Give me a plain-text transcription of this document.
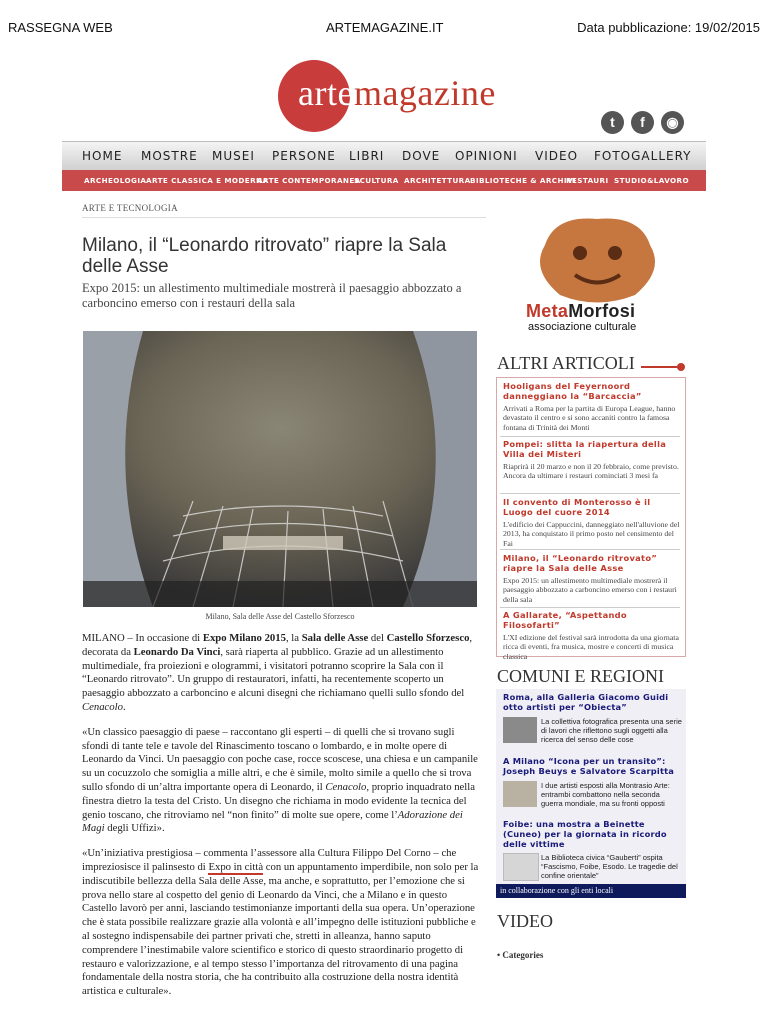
RASSEGNA WEB	ARTEMAGAZINE.IT	Data pubblicazione: 19/02/2015
artemagazine
t	f	◉
HOME MOSTRE MUSEI PERSONE LIBRI DOVE OPINIONI VIDEO FOTOGALLERY
ARCHEOLOGIA ARTE CLASSICA E MODERNA
ARTE CONTEMPORANEA
SCULTURA ARCHITETTURA BIBLIOTECHE & ARCHIVI
RESTAURI STUDIO&LAVORO
ARTE E TECNOLOGIA
Milano, il “Leonardo ritrovato” riapre la Sala delle Asse

Expo 2015: un allestimento multimediale mostrerà il paesaggio abbozzato a carboncino emerso con i restauri della sala

Milano, Sala delle Asse del Castello Sforzesco

MILANO – In occasione di Expo Milano 2015, la Sala delle Asse del Castello Sforzesco, decorata da Leonardo Da Vinci, sarà riaperta al pubblico. Grazie ad un allestimento multimediale, fra proiezioni e ologrammi, i visitatori potranno scoprire la Sala con il “Leonardo ritrovato”. Un gruppo di restauratori, infatti, ha recentemente scoperto un paesaggio abbozzato a carboncino e alcuni disegni che richiamano quelli sullo sfondo del Cenacolo.

«Un classico paesaggio di paese – raccontano gli esperti – di quelli che si trovano sugli sfondi di tante tele e tavole del Rinascimento toscano o lombardo, e in molte opere di Leonardo da Vinci. Un paesaggio con poche case, rocce scoscese, una chiesa e un campanile su un cocuzzolo che somiglia a mille altri, e che è simile, molto simile a quello che si trova sullo sfondo di un’altra importante opera di Leonardo, il Cenacolo, proprio inquadrato nella finestra dietro la testa del Cristo. Un disegno che richiama in modo evidente la tecnica del genio toscano, che ritroviamo nel “non finito” di molte sue opere, come l’Adorazione dei Magi degli Uffizi».

«Un’iniziativa prestigiosa – commenta l’assessore alla Cultura Filippo Del Corno – che impreziosisce il palinsesto di Expo in città con un appuntamento imperdibile, non solo per la indiscutibile bellezza della Sala delle Asse, ma anche, e soprattutto, per l’emozione che si prova nello stare al cospetto del genio di Leonardo da Vinci, che a Milano e in questo Castello lavorò per anni, lasciando testimonianze importanti della sua opera. Un’operazione che è stata possibile realizzare grazie alla volontà e all’impegno delle istituzioni pubbliche e al sostegno indispensabile dei partner privati che, stretti in alleanza, hanno saputo comprendere l’inestimabile valore scientifico e storico di questo straordinario progetto di restauro e valorizzazione, e al tempo stesso l’importanza del ritrovamento di una pagina fondamentale della nostra storia, che ha contribuito alla costruzione della nostra identità artistica e culturale».

MetaMorfosi
associazione culturale
ALTRI ARTICOLI
Hooligans del Feyernoord danneggiano la “Barcaccia”
Arrivati a Roma per la partita di Europa League, hanno devastato il centro e si sono accaniti contro la famosa fontana di Trinità dei Monti
Pompei: slitta la riapertura della Villa dei Misteri
Riaprirà il 20 marzo e non il 20 febbraio, come previsto. Ancora da ultimare i restauri cominciati 3 mesi fa
Il convento di Monterosso è il Luogo del cuore 2014
L'edificio dei Cappuccini, danneggiato nell'alluvione del 2013, ha conquistato il primo posto nel censimento del Fai
Milano, il “Leonardo ritrovato” riapre la Sala delle Asse
Expo 2015: un allestimento multimediale mostrerà il paesaggio abbozzato a carboncino emerso con i restauri della sala
A Gallarate, “Aspettando Filosofarti”
L'XI edizione del festival sarà introdotta da una giornata ricca di eventi, fra musica, mostre e concerti di musica classica
COMUNI E REGIONI
Roma, alla Galleria Giacomo Guidi otto artisti per “Obiecta”
La collettiva fotografica presenta una serie di lavori che riflettono sugli oggetti alla ricerca del senso delle cose
A Milano “Icona per un transito”: Joseph Beuys e Salvatore Scarpitta
I due artisti esposti alla Montrasio Arte: entrambi combattono nella seconda guerra mondiale, ma su fronti opposti
Foibe: una mostra a Beinette (Cuneo) per la giornata in ricordo delle vittime
La Biblioteca civica “Gauberti” ospita “Fascismo, Foibe, Esodo. Le tragedie del confine orientale”
in collaborazione con gli enti locali
VIDEO
• Categories
